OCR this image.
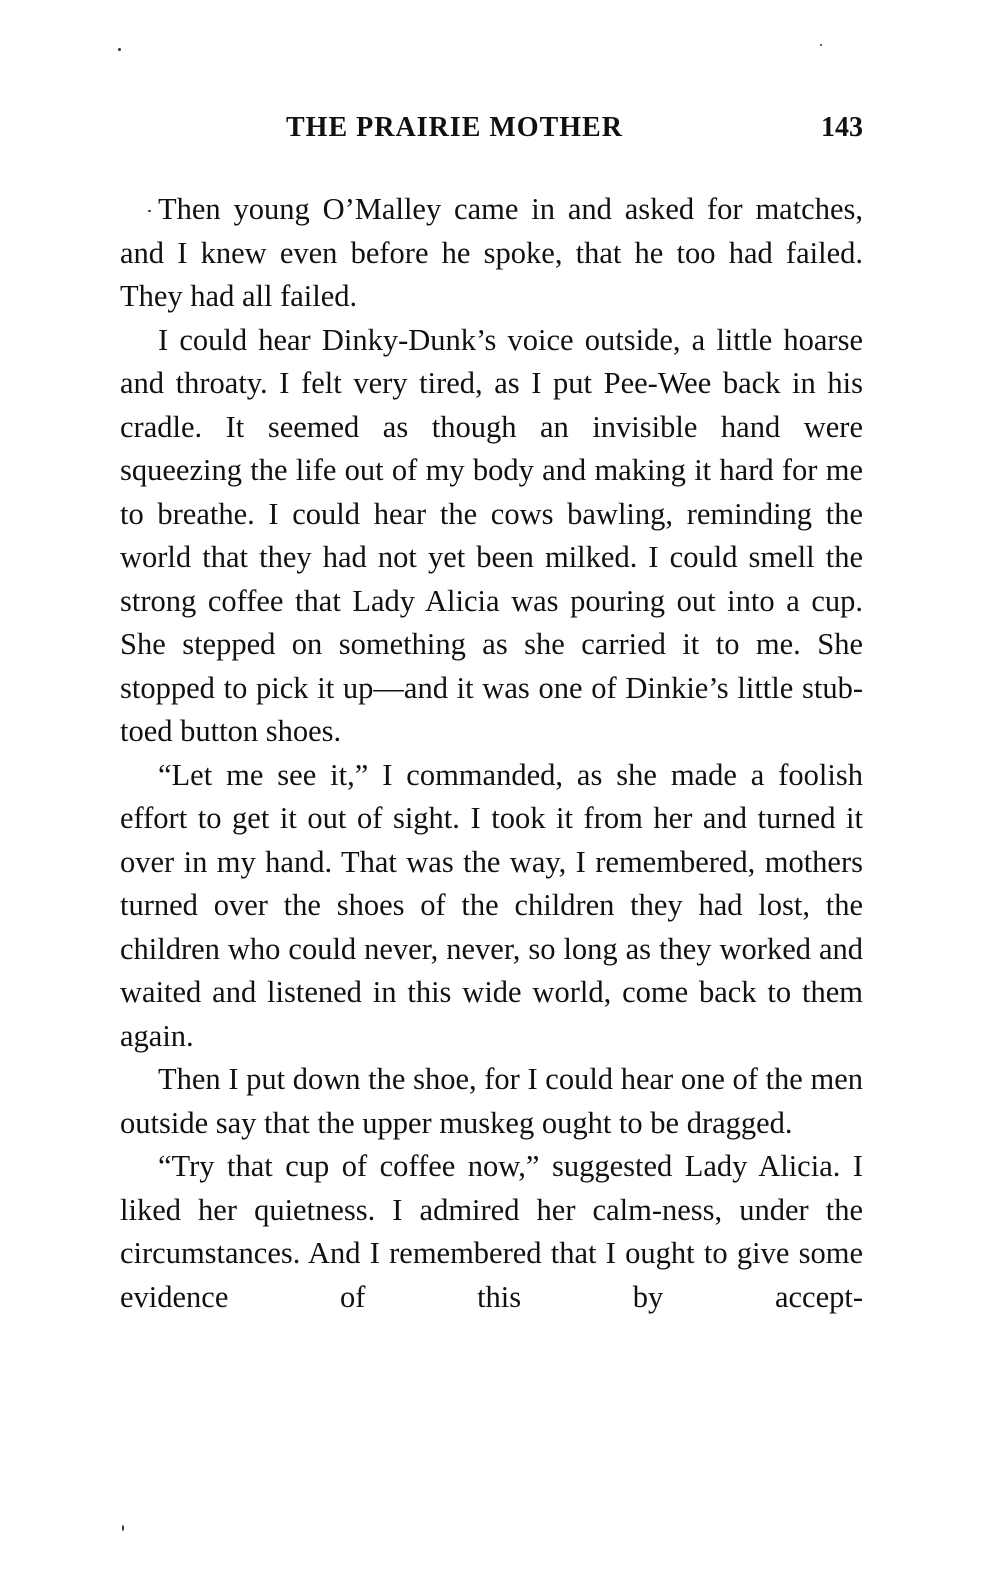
THE PRAIRIE MOTHER	143

Then young O’Malley came in and asked for matches, and I knew even before he spoke, that he too had failed. They had all failed.

I could hear Dinky-Dunk’s voice outside, a little hoarse and throaty. I felt very tired, as I put Pee-Wee back in his cradle. It seemed as though an invisible hand were squeezing the life out of my body and making it hard for me to breathe. I could hear the cows bawling, reminding the world that they had not yet been milked. I could smell the strong coffee that Lady Alicia was pouring out into a cup. She stepped on something as she carried it to me. She stopped to pick it up—and it was one of Dinkie’s little stub-toed button shoes.

“Let me see it,” I commanded, as she made a foolish effort to get it out of sight. I took it from her and turned it over in my hand. That was the way, I remembered, mothers turned over the shoes of the children they had lost, the children who could never, never, so long as they worked and waited and listened in this wide world, come back to them again.

Then I put down the shoe, for I could hear one of the men outside say that the upper muskeg ought to be dragged.

“Try that cup of coffee now,” suggested Lady Alicia. I liked her quietness. I admired her calm-ness, under the circumstances. And I remembered that I ought to give some evidence of this by accept-
